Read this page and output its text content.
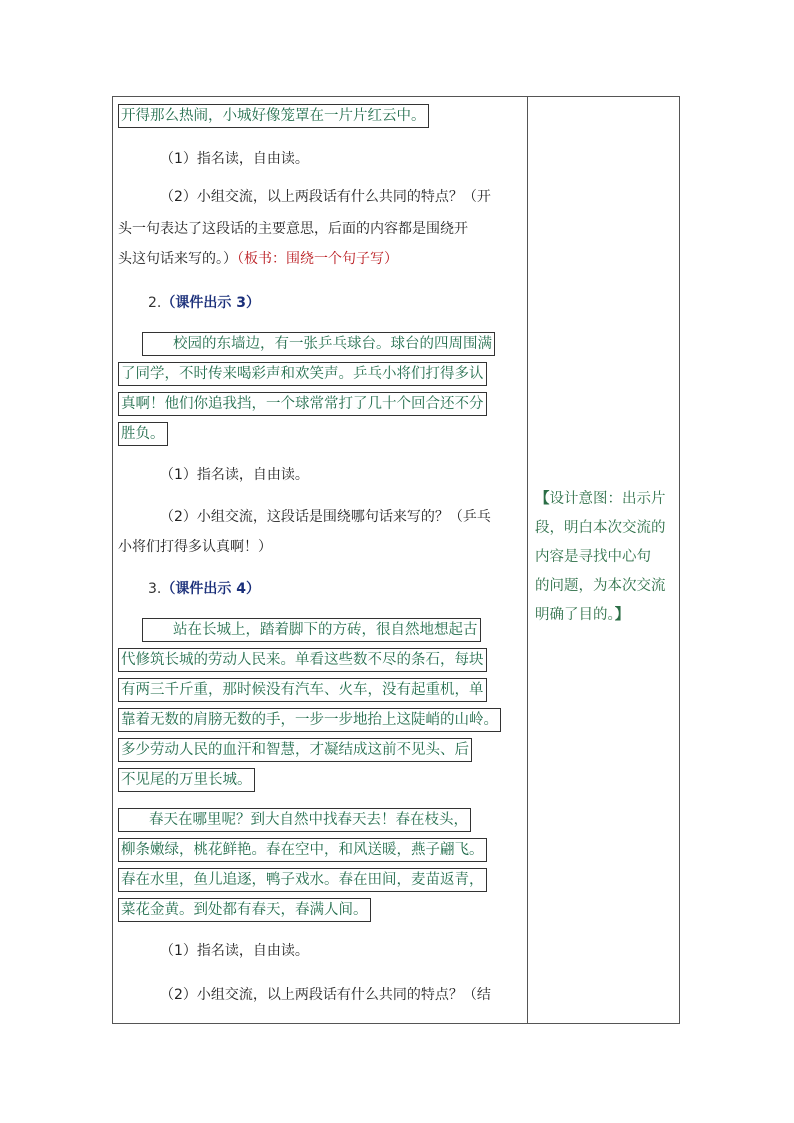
开得那么热闹，小城好像笼罩在一片片红云中。
（1）指名读，自由读。
（2）小组交流，以上两段话有什么共同的特点？（开
头一句表达了这段话的主要意思，后面的内容都是围绕开
头这句话来写的。）（板书：围绕一个句子写）
2.（课件出示 3）
校园的东墙边，有一张乒乓球台。球台的四周围满
了同学，不时传来喝彩声和欢笑声。乒乓小将们打得多认
真啊！他们你追我挡，一个球常常打了几十个回合还不分
胜负。
（1）指名读，自由读。
（2）小组交流，这段话是围绕哪句话来写的？（乒乓
小将们打得多认真啊！）
3.（课件出示 4）
站在长城上，踏着脚下的方砖，很自然地想起古
代修筑长城的劳动人民来。单看这些数不尽的条石，每块
有两三千斤重，那时候没有汽车、火车，没有起重机，单
靠着无数的肩膀无数的手，一步一步地抬上这陡峭的山岭。
多少劳动人民的血汗和智慧，才凝结成这前不见头、后
不见尾的万里长城。
春天在哪里呢？到大自然中找春天去！春在枝头，
柳条嫩绿，桃花鲜艳。春在空中，和风送暖，燕子翩飞。
春在水里，鱼儿追逐，鸭子戏水。春在田间，麦苗返青，
菜花金黄。到处都有春天，春满人间。
（1）指名读，自由读。
（2）小组交流，以上两段话有什么共同的特点？（结
【设计意图：出示片
段，明白本次交流的
内容是寻找中心句
的问题，为本次交流
明确了目的。】
